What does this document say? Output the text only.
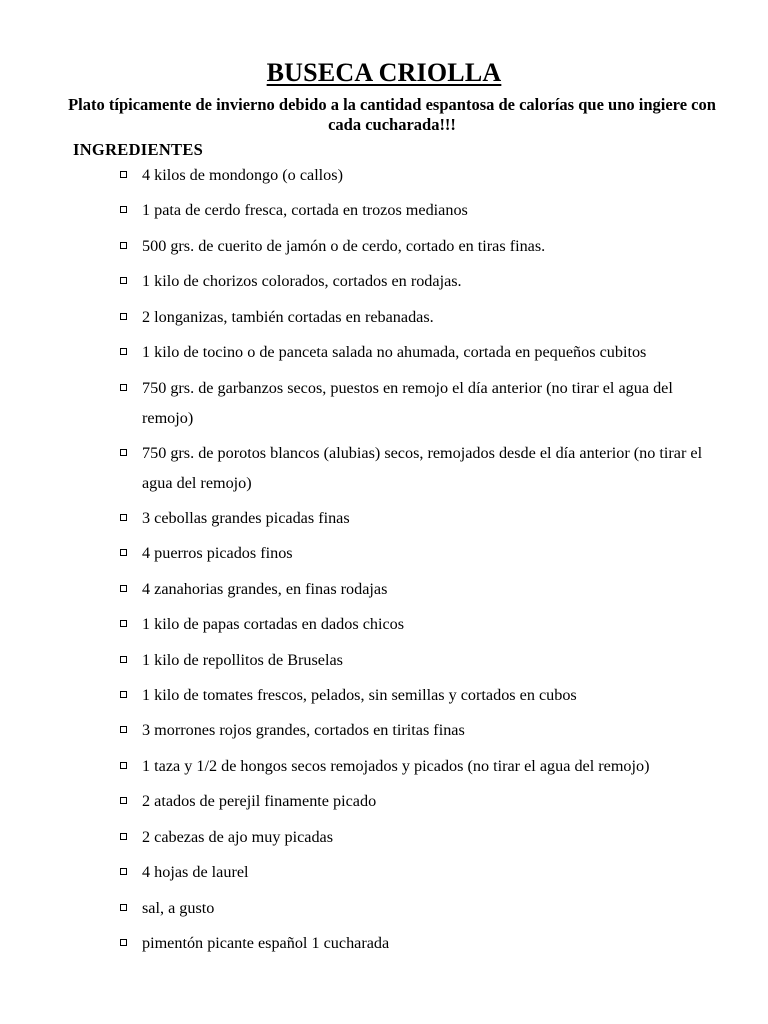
BUSECA CRIOLLA
Plato típicamente de invierno debido a la cantidad espantosa de calorías que uno ingiere con cada cucharada!!!
INGREDIENTES
4 kilos de mondongo (o callos)
1 pata de cerdo fresca, cortada en trozos medianos
500 grs. de cuerito de jamón o de cerdo, cortado en tiras finas.
1 kilo de chorizos colorados, cortados en rodajas.
2 longanizas, también cortadas en rebanadas.
1 kilo de tocino o de panceta salada no ahumada, cortada en pequeños cubitos
750 grs. de garbanzos secos, puestos en remojo el día anterior (no tirar el agua del remojo)
750 grs. de porotos blancos (alubias) secos, remojados desde el día anterior (no tirar el agua del remojo)
3 cebollas grandes picadas finas
4 puerros picados finos
4 zanahorias grandes, en finas rodajas
1 kilo de papas cortadas en dados chicos
1 kilo de repollitos de Bruselas
1 kilo de tomates frescos, pelados, sin semillas y cortados en cubos
3 morrones rojos grandes, cortados en tiritas finas
1 taza y 1/2 de hongos secos remojados y picados (no tirar el agua del remojo)
2 atados de perejil finamente picado
2 cabezas de ajo muy picadas
4 hojas de laurel
sal, a gusto
pimentón picante español 1 cucharada
